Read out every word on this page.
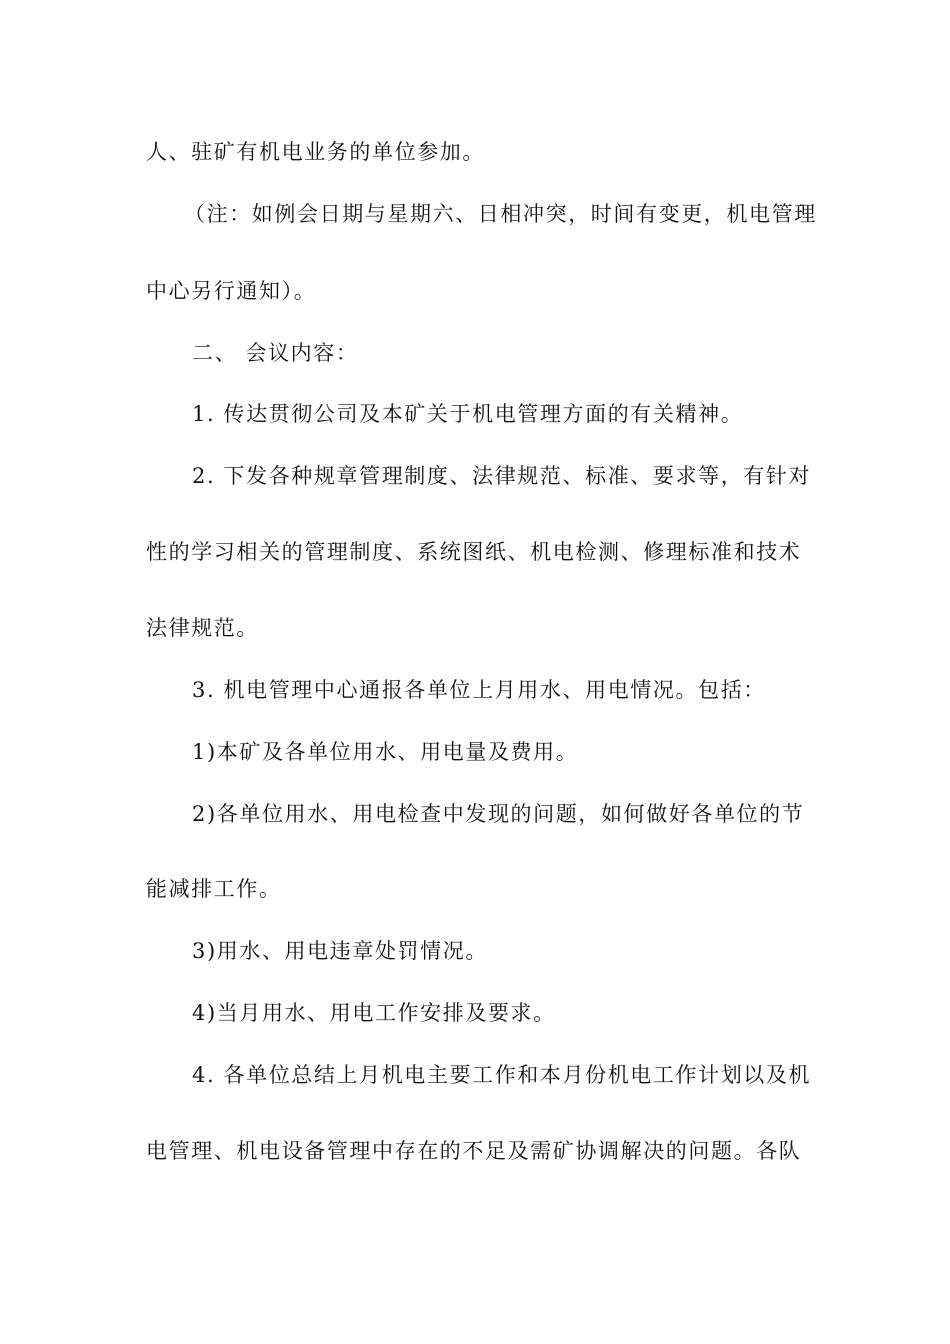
人、驻矿有机电业务的单位参加。
（注：如例会日期与星期六、日相冲突，时间有变更，机电管理
中心另行通知）。
二、 会议内容：
1. 传达贯彻公司及本矿关于机电管理方面的有关精神。
2. 下发各种规章管理制度、法律规范、标准、要求等，有针对
性的学习相关的管理制度、系统图纸、机电检测、修理标准和技术
法律规范。
3. 机电管理中心通报各单位上月用水、用电情况。包括：
1)本矿及各单位用水、用电量及费用。
2)各单位用水、用电检查中发现的问题，如何做好各单位的节
能减排工作。
3)用水、用电违章处罚情况。
4)当月用水、用电工作安排及要求。
4. 各单位总结上月机电主要工作和本月份机电工作计划以及机
电管理、机电设备管理中存在的不足及需矿协调解决的问题。各队
